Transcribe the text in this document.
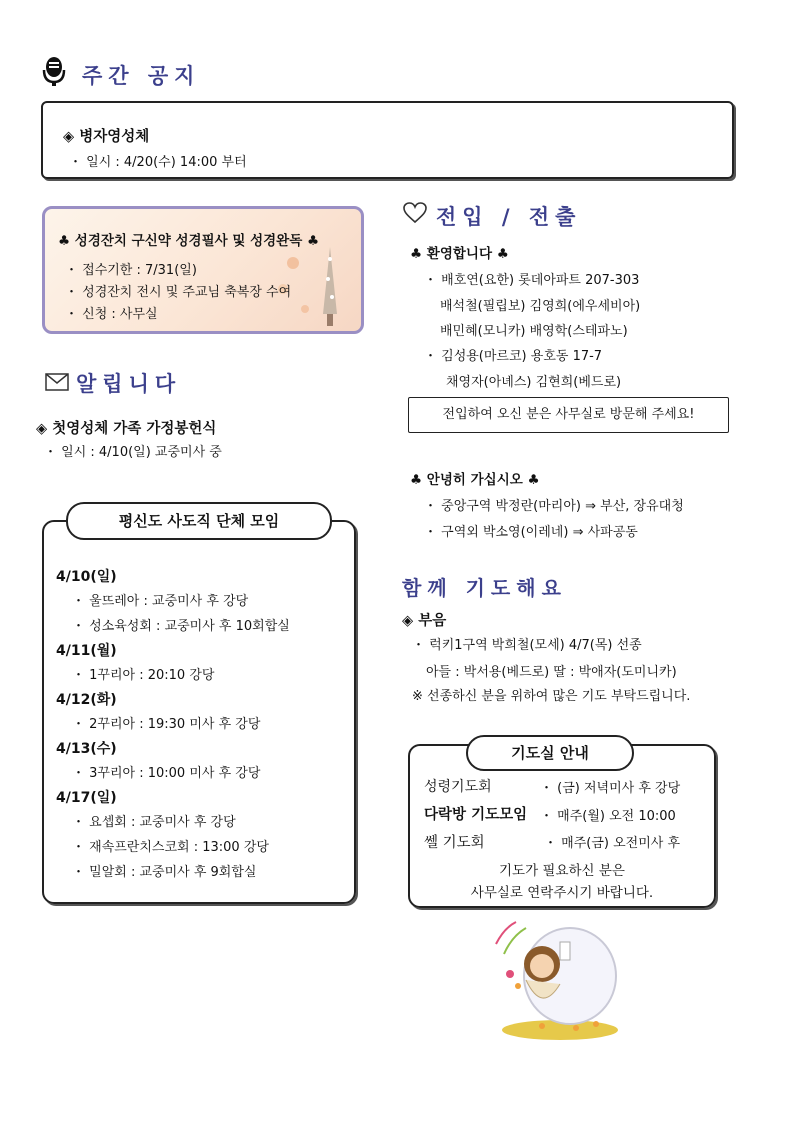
주간 공지
◈ 병자영성체
・ 일시 : 4/20(수) 14:00 부터
♣ 성경잔치 구신약 성경필사 및 성경완독 ♣
・ 접수기한 : 7/31(일)
・ 성경잔치 전시 및 주교님 축복장 수여
・ 신청 : 사무실
알립니다
◈ 첫영성체 가족 가정봉헌식
・ 일시 : 4/10(일) 교중미사 중
평신도 사도직 단체 모임
4/10(일)
・ 울뜨레아 : 교중미사 후 강당
・ 성소육성회 : 교중미사 후 10회합실
4/11(월)
・ 1꾸리아 : 20:10 강당
4/12(화)
・ 2꾸리아 : 19:30 미사 후 강당
4/13(수)
・ 3꾸리아 : 10:00 미사 후 강당
4/17(일)
・ 요셉회 : 교중미사 후 강당
・ 재속프란치스코회 : 13:00 강당
・ 밀알회 : 교중미사 후 9회합실
전입 / 전출
♣ 환영합니다 ♣
・ 배호연(요한) 롯데아파트 207-303
배석철(필립보) 김영희(에우세비아)
배민혜(모니카) 배영학(스테파노)
・ 김성용(마르코) 용호동 17-7
채영자(아녜스) 김현희(베드로)
전입하여 오신 분은 사무실로 방문해 주세요!
♣ 안녕히 가십시오 ♣
・ 중앙구역 박정란(마리아) ⇒ 부산, 장유대청
・ 구역외 박소영(이레네) ⇒ 사파공동
함께 기도해요
◈ 부음
・ 럭키1구역 박희철(모세) 4/7(목) 선종
아들 : 박서용(베드로) 딸 : 박애자(도미니카)
※ 선종하신 분을 위하여 많은 기도 부탁드립니다.
기도실 안내
성령기도회	・ (금) 저녁미사 후 강당
다락방 기도모임 ・ 매주(월) 오전 10:00
쎌 기도회	・ 매주(금) 오전미사 후
기도가 필요하신 분은
사무실로 연락주시기 바랍니다.
